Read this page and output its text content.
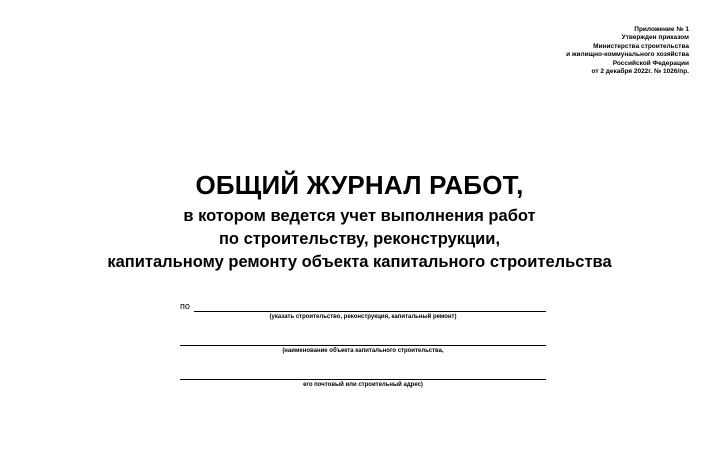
Приложение № 1
Утвержден приказом
Министерства строительства
и жилищно-коммунального хозяйства
Российской Федерации
от 2 декабря 2022г. № 1026/пр.
ОБЩИЙ ЖУРНАЛ РАБОТ,
в котором ведется учет выполнения работ
по строительству, реконструкции,
капитальному ремонту объекта капитального строительства
по
(указать строительство, реконструкция, капитальный ремонт)
(наименование объекта капитального строительства,
его почтовый или строительный адрес)
